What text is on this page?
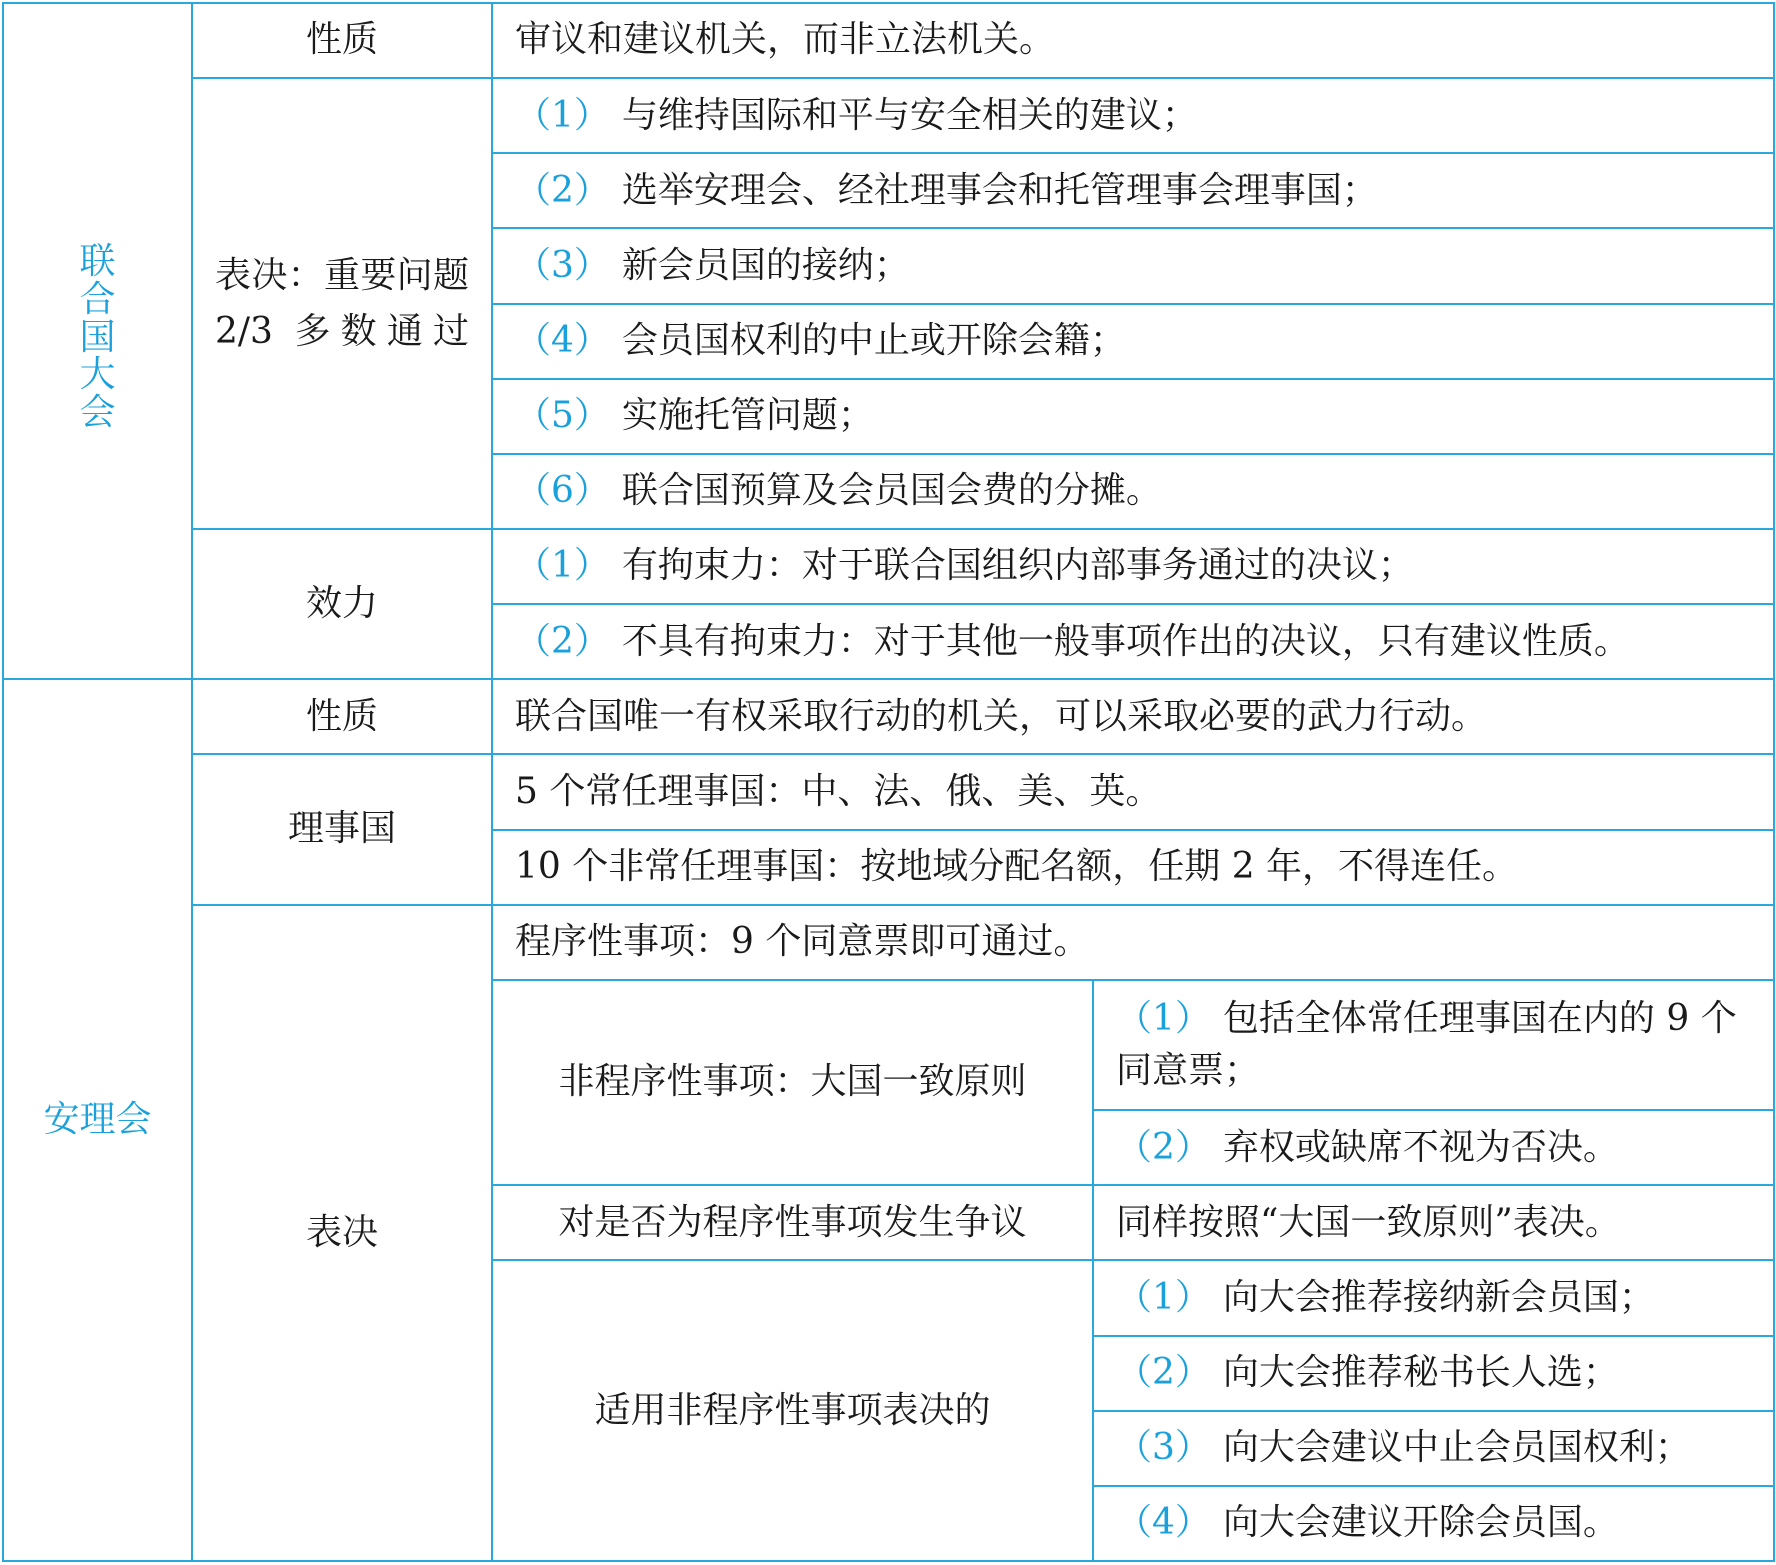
联合国大会	性质	审议和建议机关，而非立法机关。	
	表决：重要问题 2/3 多数通过	（1） 与维持国际和平与安全相关的建议；	
		（2） 选举安理会、经社理事会和托管理事会理事国；	
		（3） 新会员国的接纳；	
		（4） 会员国权利的中止或开除会籍；	
		（5） 实施托管问题；	
		（6） 联合国预算及会员国会费的分摊。	
	效力	（1） 有拘束力：对于联合国组织内部事务通过的决议；	
		（2） 不具有拘束力：对于其他一般事项作出的决议，只有建议性质。	
安理会	性质	联合国唯一有权采取行动的机关，可以采取必要的武力行动。	
	理事国	5 个常任理事国：中、法、俄、美、英。	
		10 个非常任理事国：按地域分配名额，任期 2 年，不得连任。	
	表决	程序性事项：9 个同意票即可通过。	
		非程序性事项：大国一致原则	（1） 包括全体常任理事国在内的 9 个同意票；
			（2） 弃权或缺席不视为否决。
		对是否为程序性事项发生争议	同样按照“大国一致原则”表决。
		适用非程序性事项表决的	（1） 向大会推荐接纳新会员国；
			（2） 向大会推荐秘书长人选；
			（3） 向大会建议中止会员国权利；
			（4） 向大会建议开除会员国。
